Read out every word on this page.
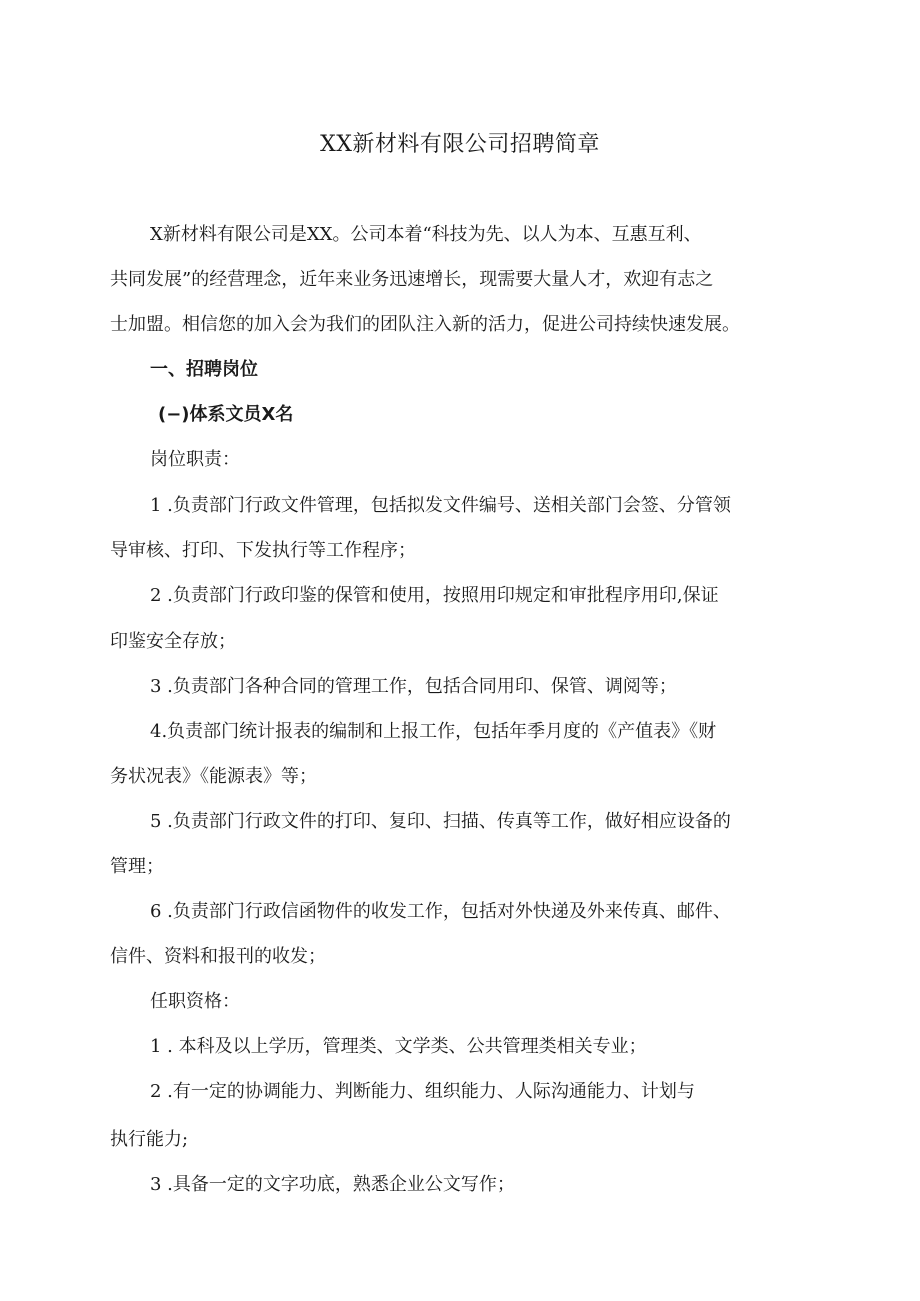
XX新材料有限公司招聘简章
X新材料有限公司是XX。公司本着“科技为先、以人为本、互惠互利、
共同发展”的经营理念，近年来业务迅速增长，现需要大量人才，欢迎有志之
士加盟。相信您的加入会为我们的团队注入新的活力，促进公司持续快速发展。
一、招聘岗位
(−)体系文员X名
岗位职责：
1 .负责部门行政文件管理，包括拟发文件编号、送相关部门会签、分管领
导审核、打印、下发执行等工作程序；
2 .负责部门行政印鉴的保管和使用，按照用印规定和审批程序用印,保证
印鉴安全存放；
3 .负责部门各种合同的管理工作，包括合同用印、保管、调阅等；
4.负责部门统计报表的编制和上报工作，包括年季月度的《产值表》《财
务状况表》《能源表》等；
5 .负责部门行政文件的打印、复印、扫描、传真等工作，做好相应设备的
管理；
6 .负责部门行政信函物件的收发工作，包括对外快递及外来传真、邮件、
信件、资料和报刊的收发；
任职资格：
1 . 本科及以上学历，管理类、文学类、公共管理类相关专业；
2 .有一定的协调能力、判断能力、组织能力、人际沟通能力、计划与
执行能力;
3 .具备一定的文字功底，熟悉企业公文写作；
